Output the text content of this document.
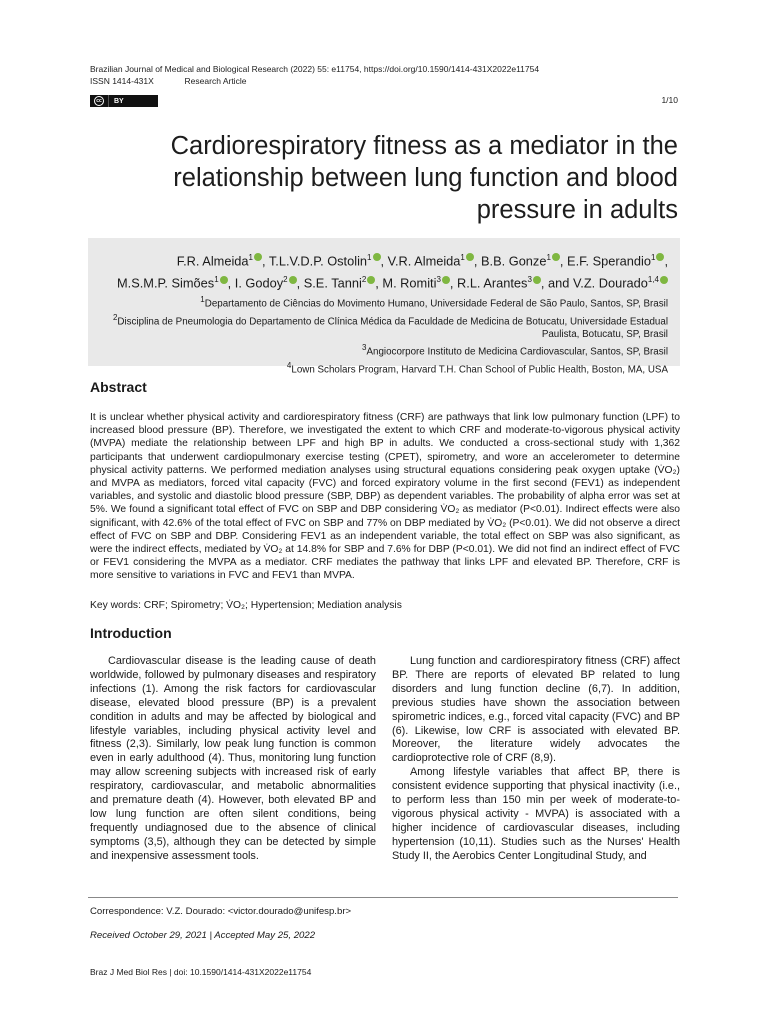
Brazilian Journal of Medical and Biological Research (2022) 55: e11754, https://doi.org/10.1590/1414-431X2022e11754
ISSN 1414-431X	Research Article
cc	BY	1/10
Cardiorespiratory fitness as a mediator in the relationship between lung function and blood pressure in adults
F.R. Almeida$^1$ , T.L.V.D.P. Ostolin$^1$ , V.R. Almeida$^1$ , B.B. Gonze$^1$ , E.F. Sperandio$^1$ ,
M.S.M.P. Simões$^1$ , I. Godoy$^2$ , S.E. Tanni$^2$ , M. Romiti$^3$ , R.L. Arantes$^3$ , and V.Z. Dourado$^{1,4}$
$^1$Departamento de Ciências do Movimento Humano, Universidade Federal de São Paulo, Santos, SP, Brasil
$^2$Disciplina de Pneumologia do Departamento de Clínica Médica da Faculdade de Medicina de Botucatu, Universidade Estadual Paulista, Botucatu, SP, Brasil
$^3$Angiocorpore Instituto de Medicina Cardiovascular, Santos, SP, Brasil
$^4$Lown Scholars Program, Harvard T.H. Chan School of Public Health, Boston, MA, USA
Abstract
It is unclear whether physical activity and cardiorespiratory fitness (CRF) are pathways that link low pulmonary function (LPF) to increased blood pressure (BP). Therefore, we investigated the extent to which CRF and moderate-to-vigorous physical activity (MVPA) mediate the relationship between LPF and high BP in adults. We conducted a cross-sectional study with 1,362 participants that underwent cardiopulmonary exercise testing (CPET), spirometry, and wore an accelerometer to determine physical activity patterns. We performed mediation analyses using structural equations considering peak oxygen uptake (V̇O₂) and MVPA as mediators, forced vital capacity (FVC) and forced expiratory volume in the first second (FEV1) as independent variables, and systolic and diastolic blood pressure (SBP, DBP) as dependent variables. The probability of alpha error was set at 5%. We found a significant total effect of FVC on SBP and DBP considering V̇O₂ as mediator (P<0.01). Indirect effects were also significant, with 42.6% of the total effect of FVC on SBP and 77% on DBP mediated by V̇O₂ (P<0.01). We did not observe a direct effect of FVC on SBP and DBP. Considering FEV1 as an independent variable, the total effect on SBP was also significant, as were the indirect effects, mediated by V̇O₂ at 14.8% for SBP and 7.6% for DBP (P<0.01). We did not find an indirect effect of FVC or FEV1 considering the MVPA as a mediator. CRF mediates the pathway that links LPF and elevated BP. Therefore, CRF is more sensitive to variations in FVC and FEV1 than MVPA.
Key words: CRF; Spirometry; V̇O₂; Hypertension; Mediation analysis
Introduction

Cardiovascular disease is the leading cause of death worldwide, followed by pulmonary diseases and respiratory infections (1). Among the risk factors for cardiovascular disease, elevated blood pressure (BP) is a prevalent condition in adults and may be affected by biological and lifestyle variables, including physical activity level and fitness (2,3). Similarly, low peak lung function is common even in early adulthood (4). Thus, monitoring lung function may allow screening subjects with increased risk of early respiratory, cardiovascular, and metabolic abnormalities and premature death (4). However, both elevated BP and low lung function are often silent conditions, being frequently undiagnosed due to the absence of clinical symptoms (3,5), although they can be detected by simple and inexpensive assessment tools.

Lung function and cardiorespiratory fitness (CRF) affect BP. There are reports of elevated BP related to lung disorders and lung function decline (6,7). In addition, previous studies have shown the association between spirometric indices, e.g., forced vital capacity (FVC) and BP (6). Likewise, low CRF is associated with elevated BP. Moreover, the literature widely advocates the cardioprotective role of CRF (8,9).

Among lifestyle variables that affect BP, there is consistent evidence supporting that physical inactivity (i.e., to perform less than 150 min per week of moderate-to-vigorous physical activity - MVPA) is associated with a higher incidence of cardiovascular diseases, including hypertension (10,11). Studies such as the Nurses' Health Study II, the Aerobics Center Longitudinal Study, and

Correspondence: V.Z. Dourado: <victor.dourado@unifesp.br>
Received October 29, 2021 | Accepted May 25, 2022
Braz J Med Biol Res | doi: 10.1590/1414-431X2022e11754
